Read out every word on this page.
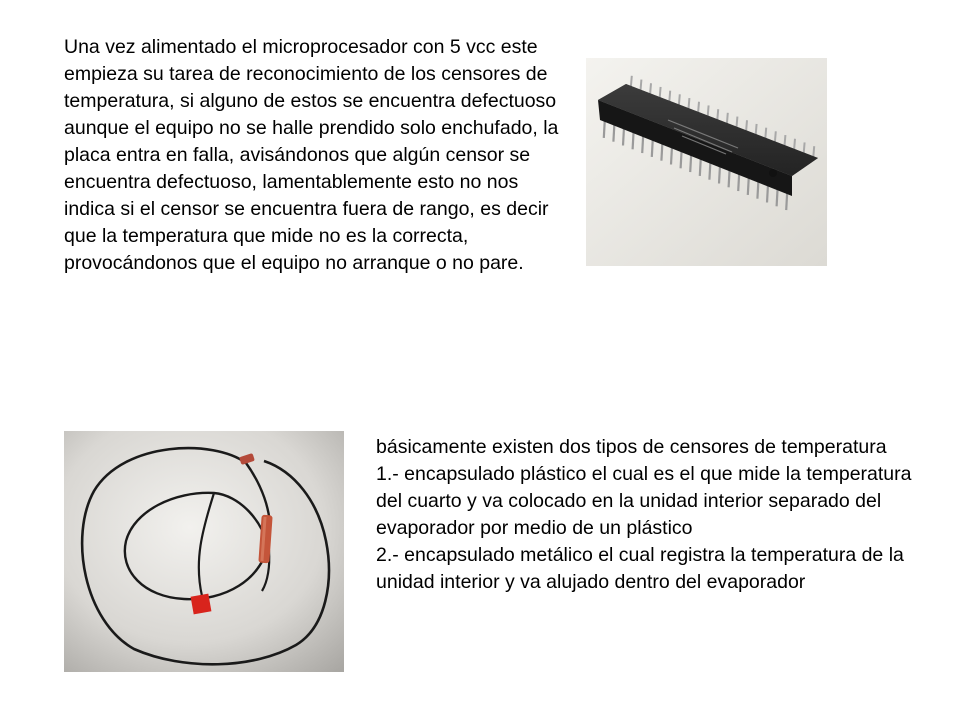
Una vez alimentado el microprocesador con 5 vcc este empieza su tarea de reconocimiento de los censores de temperatura, si alguno de estos se encuentra defectuoso aunque el equipo no se halle prendido solo enchufado, la placa entra en falla, avisándonos que algún censor se encuentra defectuoso, lamentablemente esto no nos indica si el censor se encuentra fuera de rango, es decir que la temperatura que mide no es la correcta, provocándonos que el equipo no arranque o no pare.

básicamente existen dos tipos de censores de temperatura

1.- encapsulado plástico el cual es el que mide la temperatura del cuarto y va colocado en la unidad interior separado del evaporador por medio de un plástico

2.- encapsulado metálico el cual registra la temperatura de la unidad interior y va alujado dentro del evaporador
